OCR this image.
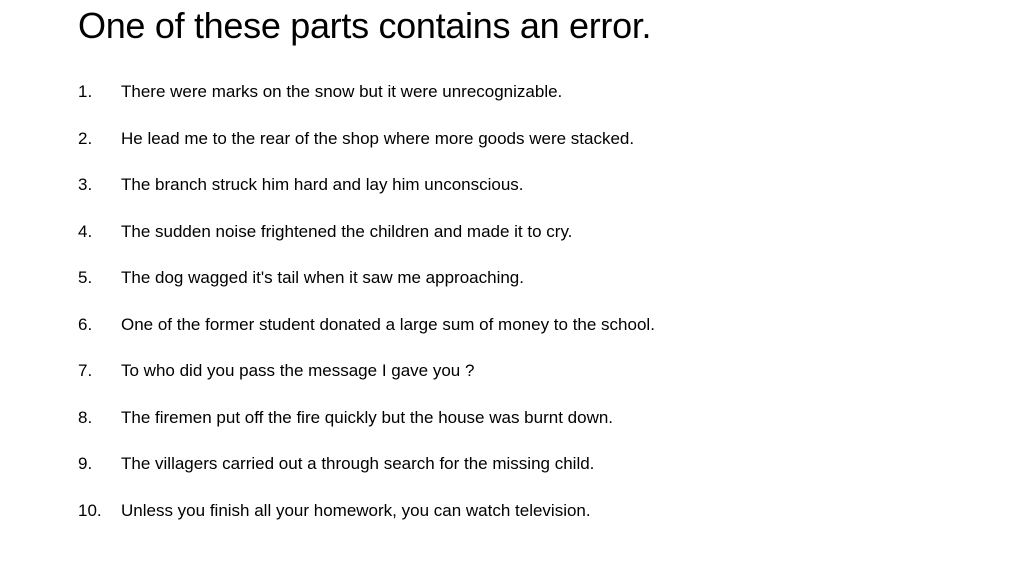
One of these parts contains an error.
1.	There were marks on the snow but it were unrecognizable.
2.	He lead me to the rear of the shop where more goods were stacked.
3.	The branch struck him hard and lay him unconscious.
4.	The sudden noise frightened the children and made it to cry.
5.	The dog wagged it's tail when it saw me approaching.
6.	One of the former student donated a large sum of money to the school.
7.	To who did you pass the message I gave you ?
8.	The firemen put off the fire quickly but the house was burnt down.
9.	The villagers carried out a through search for the missing child.
10.	Unless you finish all your homework, you can watch television.
